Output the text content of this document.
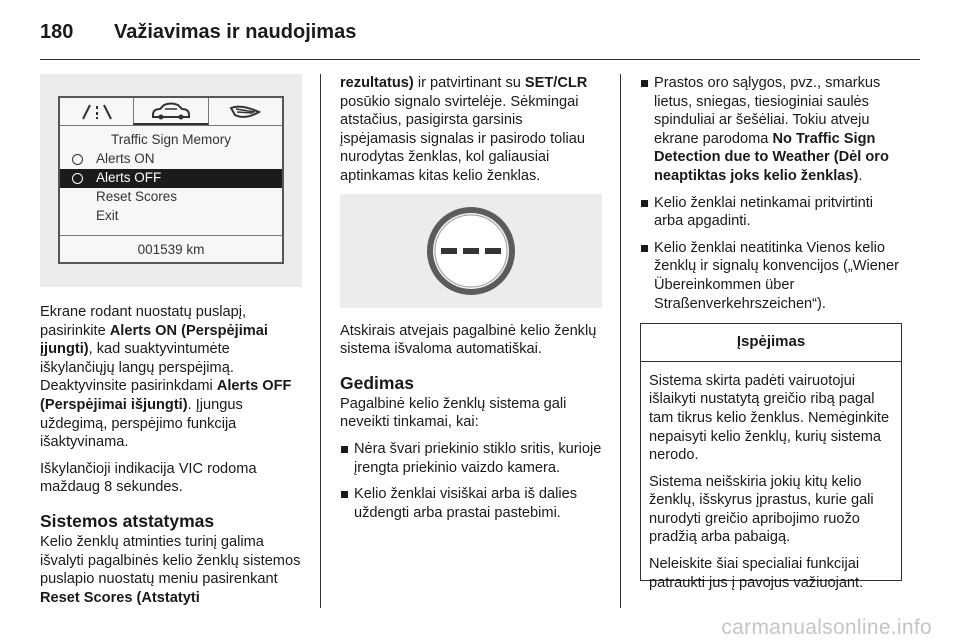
180	Važiavimas ir naudojimas
Traffic Sign Memory
Alerts ON
Alerts OFF
Reset Scores
Exit
001539 km

Ekrane rodant nuostatų puslapį, pasirinkite Alerts ON (Perspėjimai įjungti), kad suaktyvintumėte iškylančiųjų langų perspėjimą. Deaktyvinsite pasirinkdami Alerts OFF (Perspėjimai išjungti). Įjungus uždegimą, perspėjimo funkcija išaktyvinama.

Iškylančioji indikacija VIC rodoma maždaug 8 sekundes.

Sistemos atstatymas

Kelio ženklų atminties turinį galima išvalyti pagalbinės kelio ženklų sistemos puslapio nuostatų meniu pasirenkant Reset Scores (Atstatyti

rezultatus) ir patvirtinant su SET/CLR posūkio signalo svirtelėje. Sėkmingai atstačius, pasigirsta garsinis įspėjamasis signalas ir pasirodo toliau nurodytas ženklas, kol galiausiai aptinkamas kitas kelio ženklas.

Atskirais atvejais pagalbinė kelio ženklų sistema išvaloma automatiškai.

Gedimas

Pagalbinė kelio ženklų sistema gali neveikti tinkamai, kai:

Nėra švari priekinio stiklo sritis, kurioje įrengta priekinio vaizdo kamera.
Kelio ženklai visiškai arba iš dalies uždengti arba prastai pastebimi.
Prastos oro sąlygos, pvz., smarkus lietus, sniegas, tiesioginiai saulės spinduliai ar šešėliai. Tokiu atveju ekrane parodoma No Traffic Sign Detection due to Weather (Dėl oro neaptiktas joks kelio ženklas).
Kelio ženklai netinkamai pritvirtinti arba apgadinti.
Kelio ženklai neatitinka Vienos kelio ženklų ir signalų konvencijos („Wiener Übereinkommen über Straßenverkehrszeichen“).
Įspėjimas

Sistema skirta padėti vairuotojui išlaikyti nustatytą greičio ribą pagal tam tikrus kelio ženklus. Nemėginkite nepaisyti kelio ženklų, kurių sistema nerodo.

Sistema neišskiria jokių kitų kelio ženklų, išskyrus įprastus, kurie gali nurodyti greičio apribojimo ruožo pradžią arba pabaigą.

Neleiskite šiai specialiai funkcijai patraukti jus į pavojus važiuojant.

carmanualsonline.info
